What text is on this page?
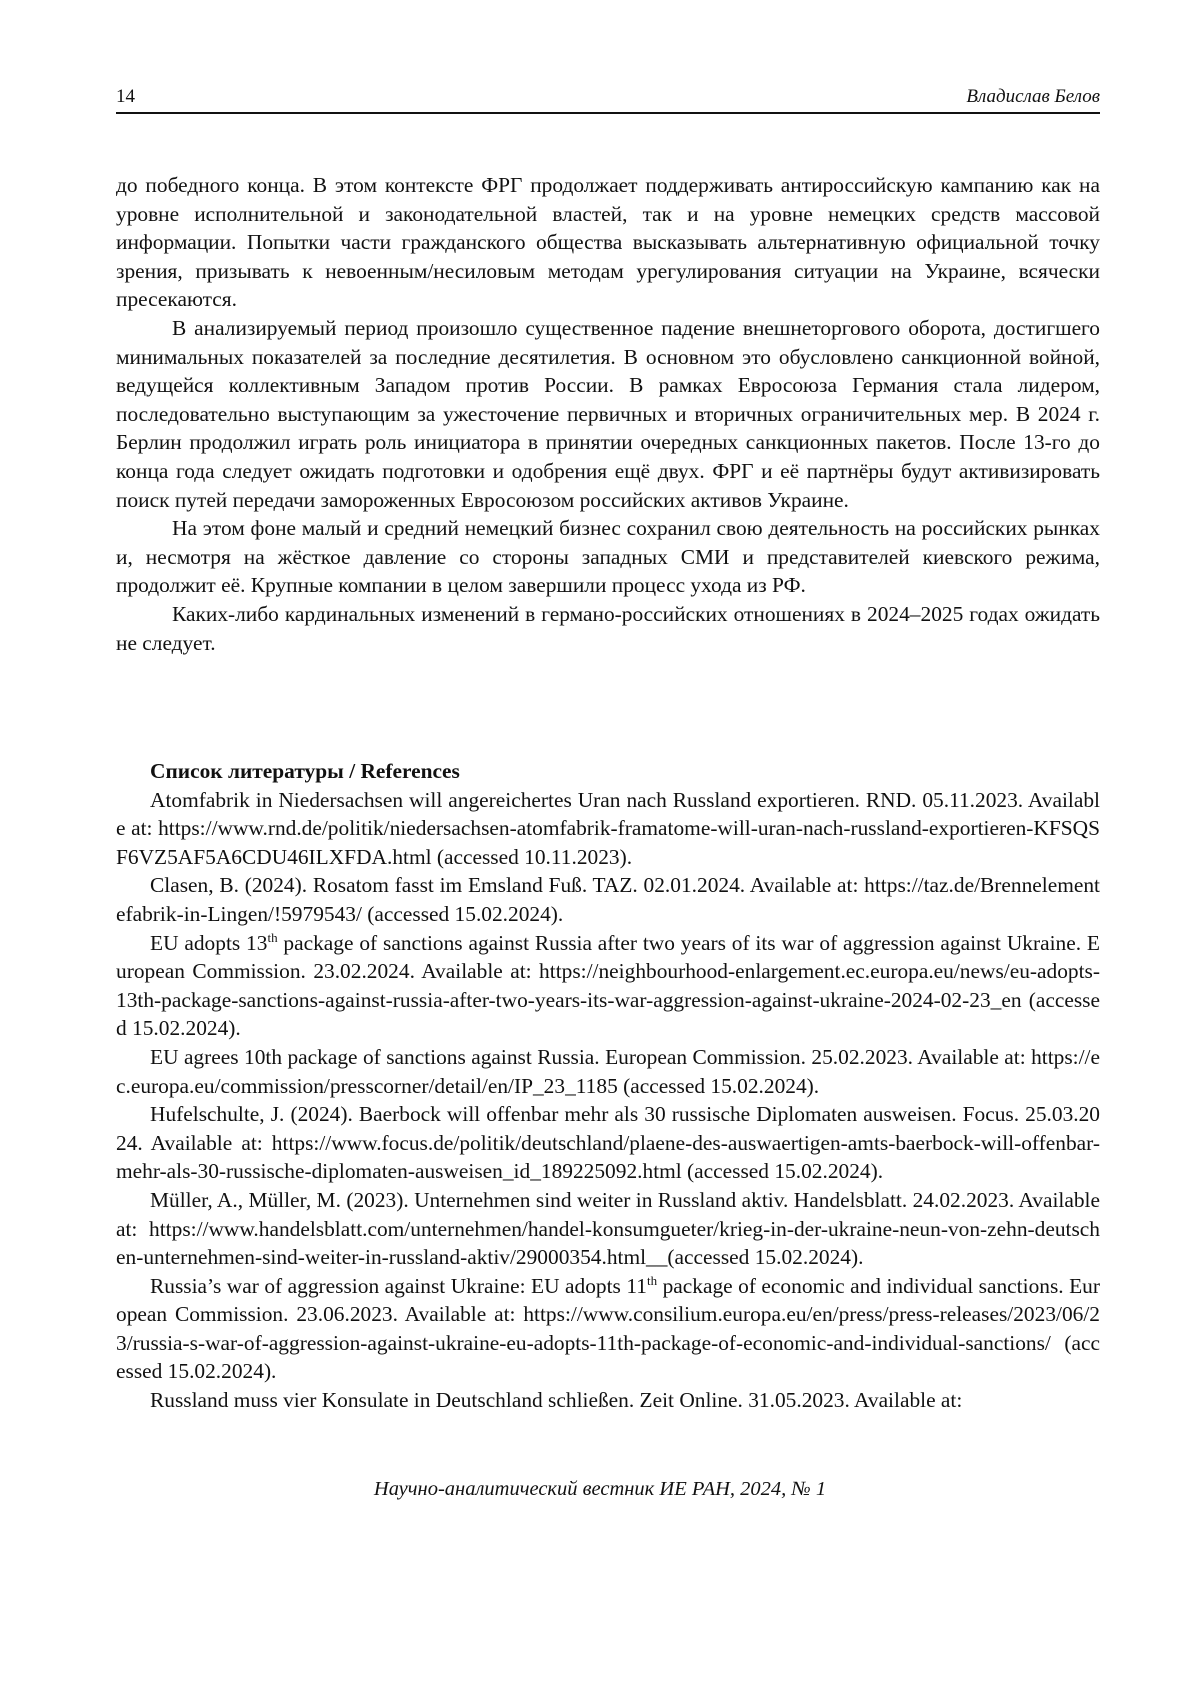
14	Владислав Белов

до победного конца. В этом контексте ФРГ продолжает поддерживать антироссийскую кампанию как на уровне исполнительной и законодательной властей, так и на уровне немецких средств массовой информации. Попытки части гражданского общества высказывать альтернативную официальной точку зрения, призывать к невоенным/несиловым методам урегулирования ситуации на Украине, всячески пресекаются.

В анализируемый период произошло существенное падение внешнеторгового оборота, достигшего минимальных показателей за последние десятилетия. В основном это обусловлено санкционной войной, ведущейся коллективным Западом против России. В рамках Евросоюза Германия стала лидером, последовательно выступающим за ужесточение первичных и вторичных ограничительных мер. В 2024 г. Берлин продолжил играть роль инициатора в принятии очередных санкционных пакетов. После 13-го до конца года следует ожидать подготовки и одобрения ещё двух. ФРГ и её партнёры будут активизировать поиск путей передачи замороженных Евросоюзом российских активов Украине.

На этом фоне малый и средний немецкий бизнес сохранил свою деятельность на российских рынках и, несмотря на жёсткое давление со стороны западных СМИ и представителей киевского режима, продолжит её. Крупные компании в целом завершили процесс ухода из РФ.

Каких-либо кардинальных изменений в германо-российских отношениях в 2024–2025 годах ожидать не следует.

Список литературы / References

Atomfabrik in Niedersachsen will angereichertes Uran nach Russland exportieren. RND. 05.11.2023. Available at: https://www.rnd.de/politik/niedersachsen-atomfabrik-framatome-will-uran-nach-russland-exportieren-KFSQSF6VZ5AF5A6CDU46ILXFDA.html (accessed 10.11.2023).

Clasen, B. (2024). Rosatom fasst im Emsland Fuß. TAZ. 02.01.2024. Available at: https://taz.de/Brennelementefabrik-in-Lingen/!5979543/ (accessed 15.02.2024).

EU adopts 13th package of sanctions against Russia after two years of its war of aggression against Ukraine. European Commission. 23.02.2024. Available at: https://neighbourhood-enlargement.ec.europa.eu/news/eu-adopts-13th-package-sanctions-against-russia-after-two-years-its-war-aggression-against-ukraine-2024-02-23_en (accessed 15.02.2024).

EU agrees 10th package of sanctions against Russia. European Commission. 25.02.2023. Available at: https://ec.europa.eu/commission/presscorner/detail/en/IP_23_1185 (accessed 15.02.2024).

Hufelschulte, J. (2024). Baerbock will offenbar mehr als 30 russische Diplomaten ausweisen. Focus. 25.03.2024. Available at: https://www.focus.de/politik/deutschland/plaene-des-auswaertigen-amts-baerbock-will-offenbar-mehr-als-30-russische-diplomaten-ausweisen_id_189225092.html (accessed 15.02.2024).

Müller, A., Müller, M. (2023). Unternehmen sind weiter in Russland aktiv. Handelsblatt. 24.02.2023. Available at: https://www.handelsblatt.com/unternehmen/handel-konsumgueter/krieg-in-der-ukraine-neun-von-zehn-deutschen-unternehmen-sind-weiter-in-russland-aktiv/29000354.html__(accessed 15.02.2024).

Russia’s war of aggression against Ukraine: EU adopts 11th package of economic and individual sanctions. European Commission. 23.06.2023. Available at: https://www.consilium.europa.eu/en/press/press-releases/2023/06/23/russia-s-war-of-aggression-against-ukraine-eu-adopts-11th-package-of-economic-and-individual-sanctions/ (accessed 15.02.2024).

Russland muss vier Konsulate in Deutschland schließen. Zeit Online. 31.05.2023. Available at:

Научно-аналитический вестник ИЕ РАН, 2024, № 1
